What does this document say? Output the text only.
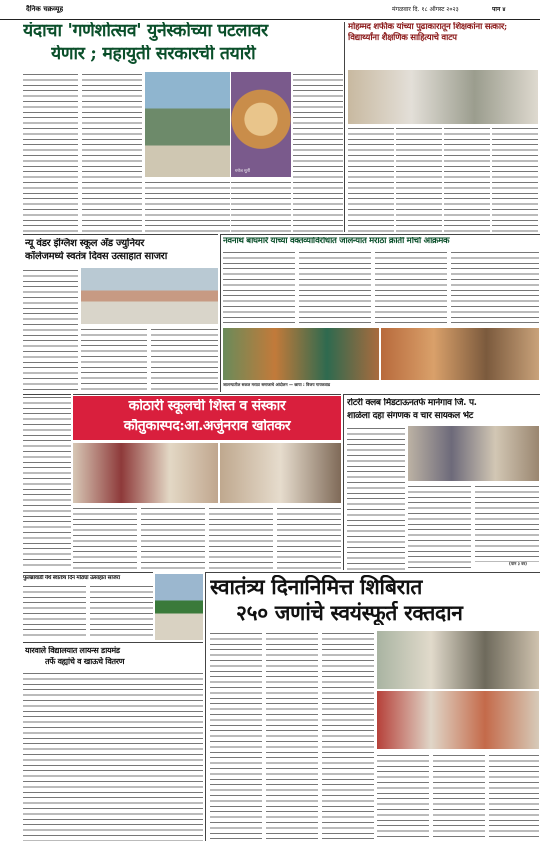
दैनिक चक्रव्यूह	मंगळवार दि. १८ ऑगस्ट २०२३	पान ४
यंदाचा 'गणेशोत्सव' युनेस्कोच्या पटलावर
येणार ; महायुती सरकारची तयारी
गणेश मूर्ती
मोहम्मद शफीक यांच्या पुढाकारातून शिक्षकांना सत्कार; विद्यार्थ्यांना शैक्षणिक साहित्याचे वाटप
न्यू वंडर इंग्लिश स्कूल अँड ज्युनियर
कॉलेजमध्ये स्वतंत्र दिवस उत्साहात साजरा
नवनाथ बाघमारे यांच्या वक्तव्याविरोधात जालन्यात मराठा क्रांती मोर्चा आक्रमक
जालन्यातील सकल मराठा समाजाचे आंदोलन — छाया : विजय गायकवाड
कोठारी स्कूलची शिस्त व संस्कार
कौतुकास्पद:आ.अर्जुनराव खोतकर
रोटरी क्लब मिडटाऊनतर्फे मानेगाव जि. प.
शाळेला दहा संगणक व चार सायकल भेट
(पान ३ वर)
फुलंब्रावाडी येथे स्वातंत्र्य दिन मोठ्या उत्साहात साजरा	स्वातंत्र्य दिनानिमित्त शिबिरात
२५० जणांचे स्वयंस्फूर्त रक्तदान
यारवाले विद्यालयात लायन्स डायमंड
तर्फे वह्यांचे व खाऊचे वितरण
